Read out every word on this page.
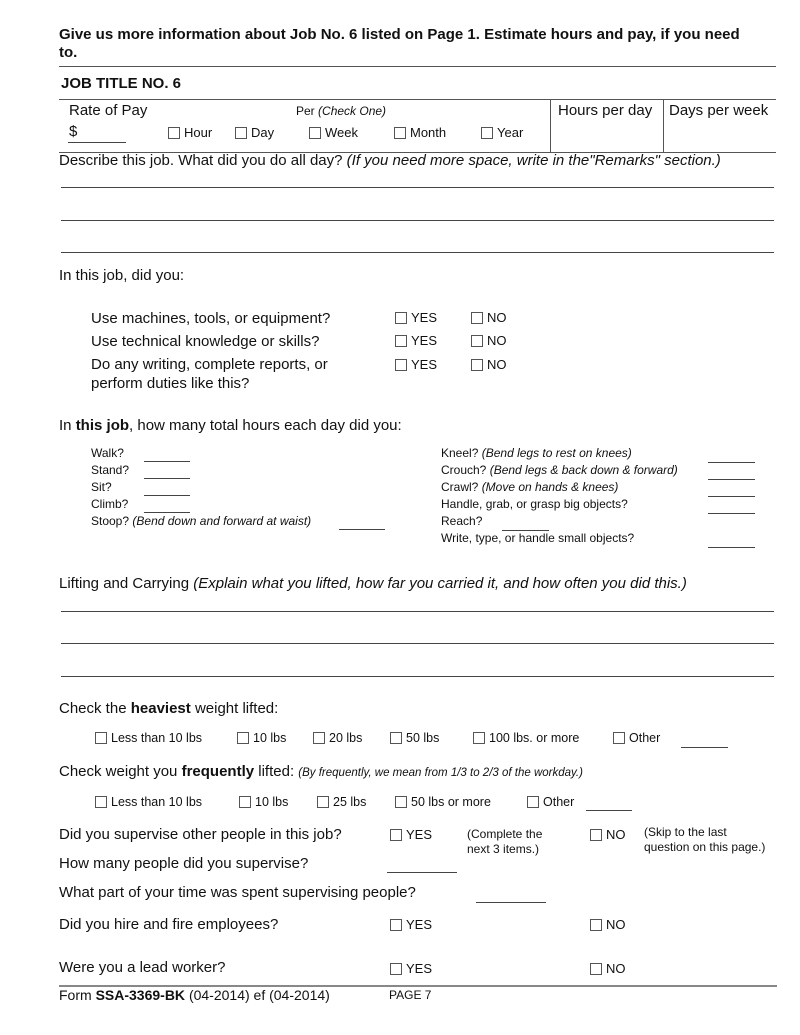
Give us more information about Job No. 6 listed on Page 1. Estimate hours and pay, if you need
to.
JOB TITLE NO. 6
Rate of Pay
$
Per (Check One)
Hour	Day	Week	Month	Year
Hours per day Days per week
Describe this job. What did you do all day? (If you need more space, write in the"Remarks" section.)
In this job, did you:
Use machines, tools, or equipment?	YES	NO
Use technical knowledge or skills?	YES	NO
Do any writing, complete reports, or
perform duties like this?
YES	NO
In this job, how many total hours each day did you:
Walk?
Stand?
Sit?
Climb?
Stoop? (Bend down and forward at waist)
Kneel? (Bend legs to rest on knees)
Crouch? (Bend legs & back down & forward)
Crawl? (Move on hands & knees)
Handle, grab, or grasp big objects?
Reach?
Write, type, or handle small objects?
Lifting and Carrying (Explain what you lifted, how far you carried it, and how often you did this.)
Check the heaviest weight lifted:
Less than 10 lbs	10 lbs	20 lbs	50 lbs	100 lbs. or more	Other
Check weight you frequently lifted: (By frequently, we mean from 1/3 to 2/3 of the workday.)
Less than 10 lbs	10 lbs	25 lbs	50 lbs or more	Other
Did you supervise other people in this job?	YES	(Complete the
next 3 items.)
NO (Skip to the last
question on this page.)
How many people did you supervise?
What part of your time was spent supervising people?
Did you hire and fire employees?	YES	NO
Were you a lead worker?	YES	NO
Form SSA-3369-BK (04-2014) ef (04-2014)	PAGE 7
